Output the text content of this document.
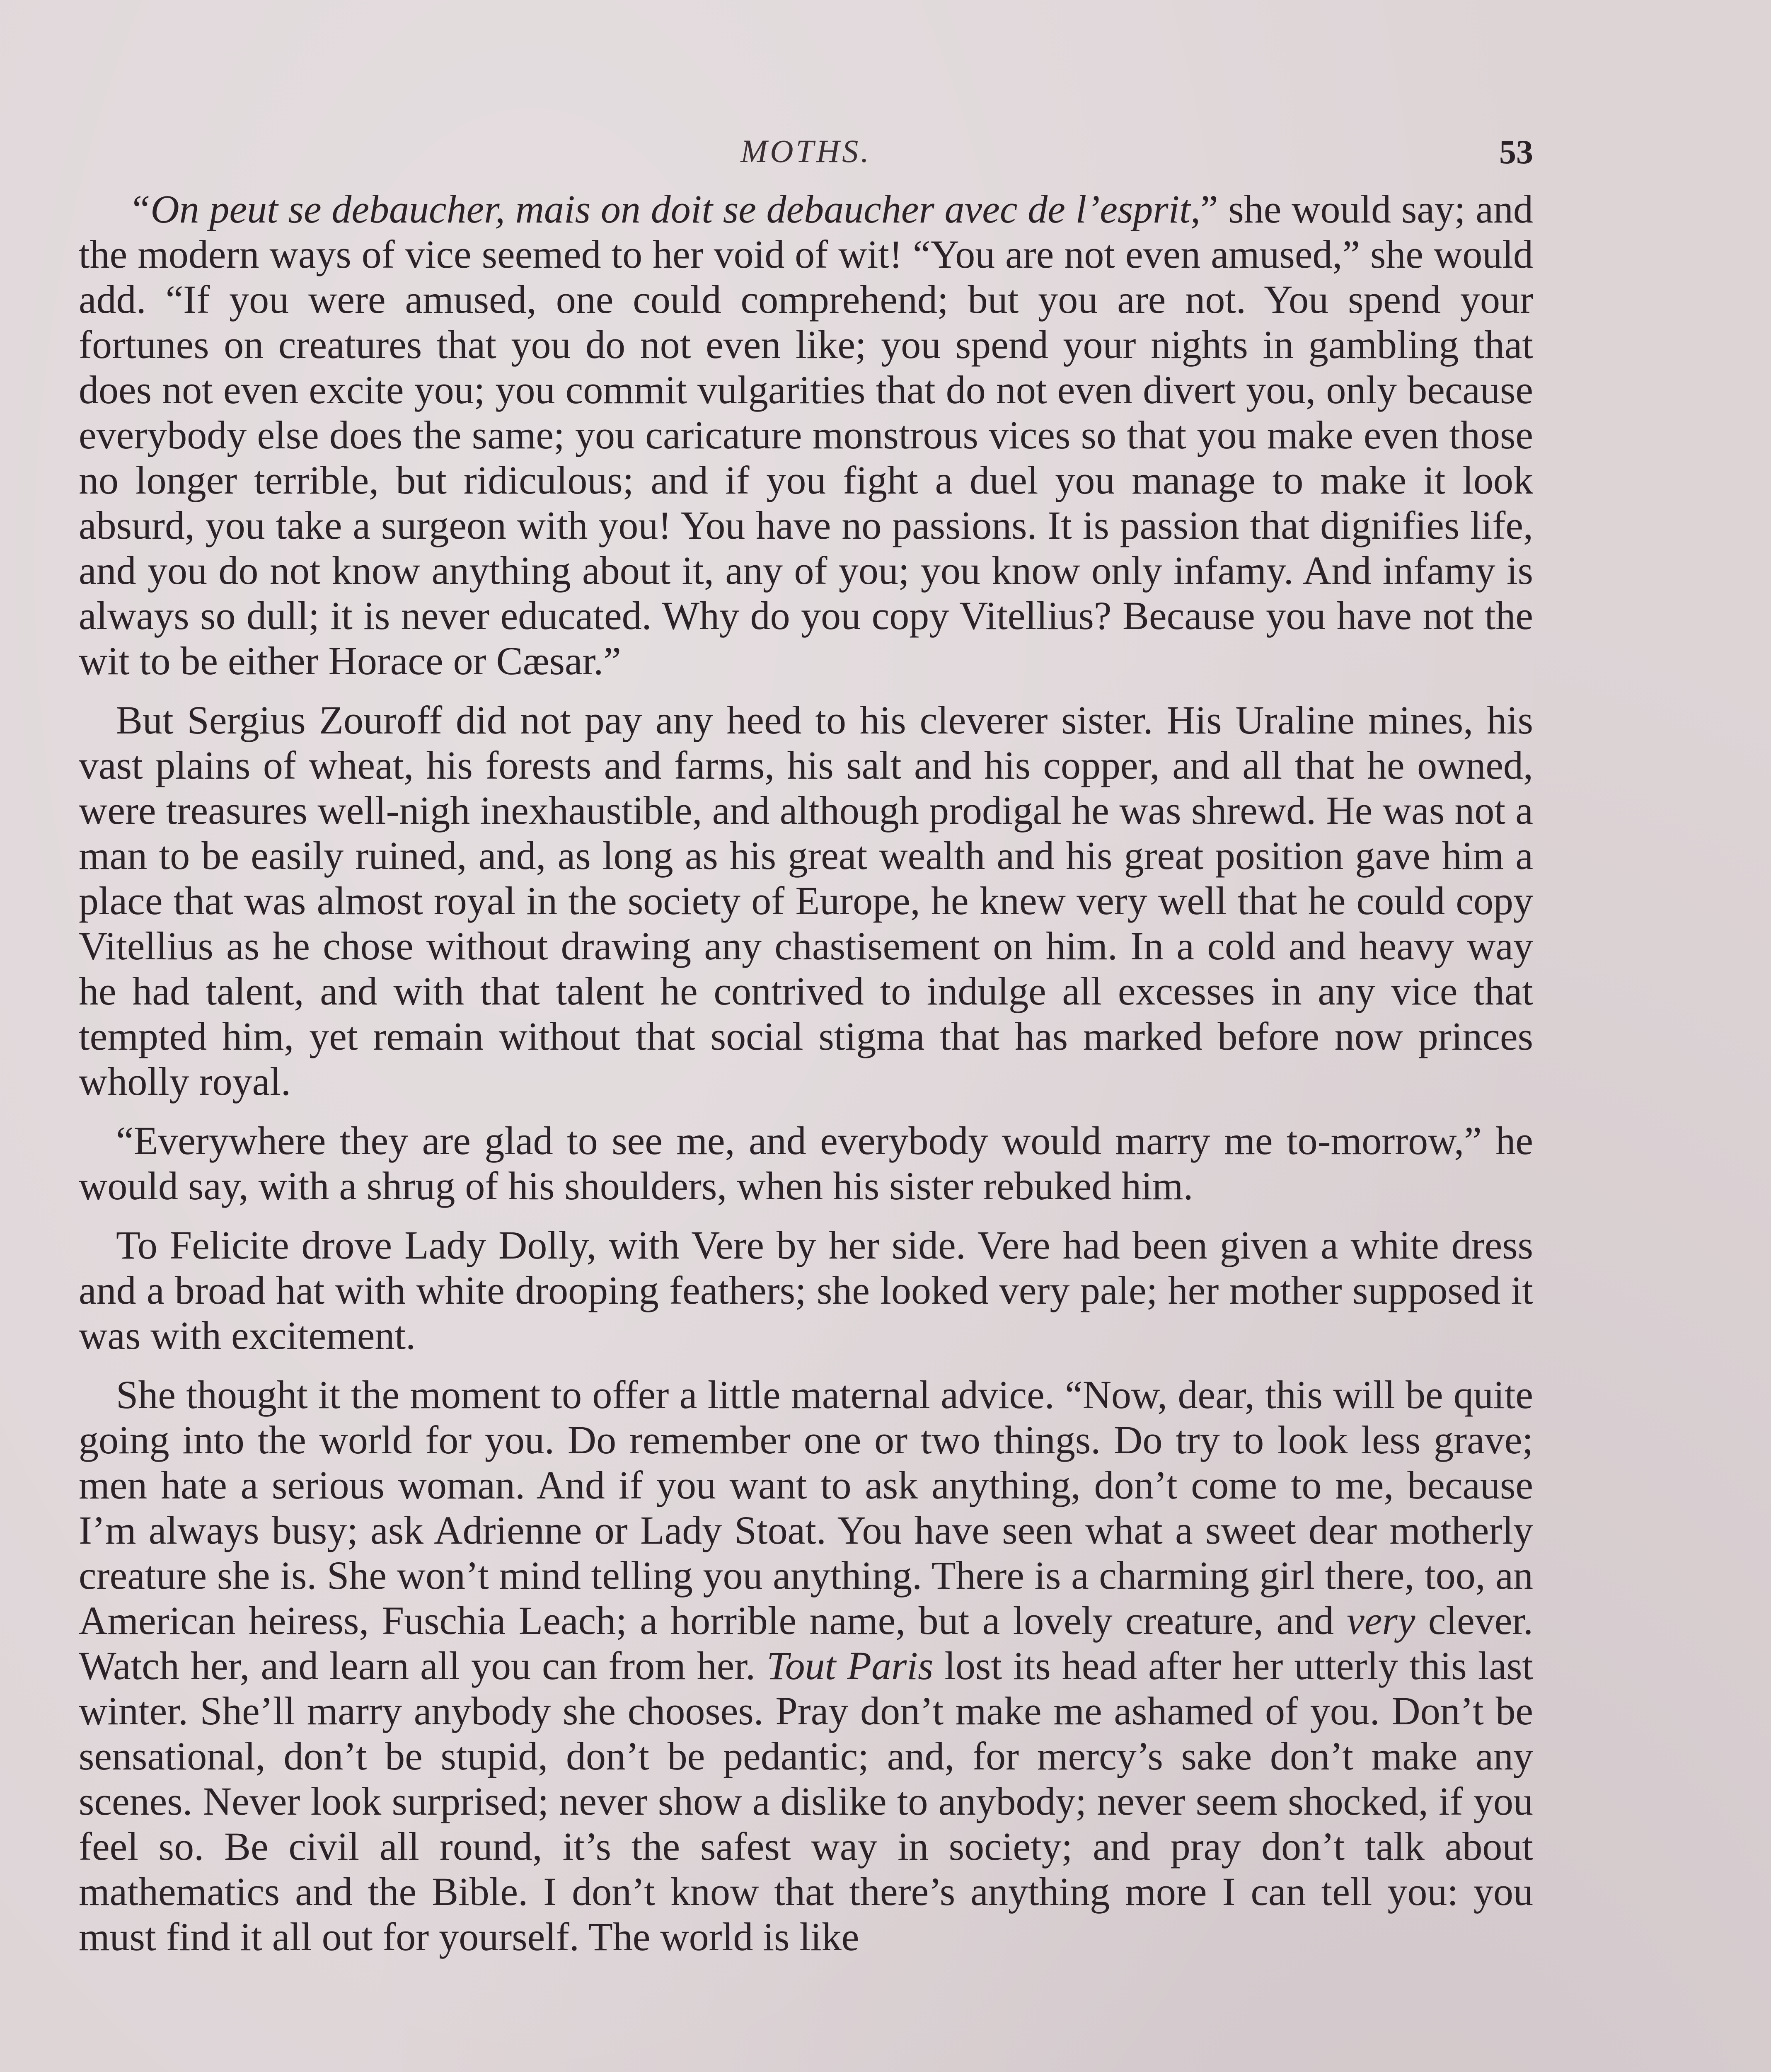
MOTHS.	53

“On peut se debaucher, mais on doit se debaucher avec de l’esprit,” she would say; and the modern ways of vice seemed to her void of wit! “You are not even amused,” she would add. “If you were amused, one could comprehend; but you are not. You spend your fortunes on creatures that you do not even like; you spend your nights in gambling that does not even excite you; you commit vulgarities that do not even divert you, only because everybody else does the same; you caricature monstrous vices so that you make even those no longer terrible, but ridiculous; and if you fight a duel you manage to make it look absurd, you take a surgeon with you! You have no passions. It is passion that dignifies life, and you do not know anything about it, any of you; you know only infamy. And infamy is always so dull; it is never educated. Why do you copy Vitellius? Because you have not the wit to be either Horace or Cæsar.”

But Sergius Zouroff did not pay any heed to his cleverer sister. His Uraline mines, his vast plains of wheat, his forests and farms, his salt and his copper, and all that he owned, were treasures well-nigh inexhaustible, and although prodigal he was shrewd. He was not a man to be easily ruined, and, as long as his great wealth and his great position gave him a place that was almost royal in the society of Europe, he knew very well that he could copy Vitellius as he chose without drawing any chastisement on him. In a cold and heavy way he had talent, and with that talent he contrived to indulge all excesses in any vice that tempted him, yet remain without that social stigma that has marked before now princes wholly royal.

“Everywhere they are glad to see me, and everybody would marry me to-morrow,” he would say, with a shrug of his shoulders, when his sister rebuked him.

To Felicite drove Lady Dolly, with Vere by her side. Vere had been given a white dress and a broad hat with white drooping feathers; she looked very pale; her mother supposed it was with excitement.

She thought it the moment to offer a little maternal advice. “Now, dear, this will be quite going into the world for you. Do remember one or two things. Do try to look less grave; men hate a serious woman. And if you want to ask anything, don’t come to me, because I’m always busy; ask Adrienne or Lady Stoat. You have seen what a sweet dear motherly creature she is. She won’t mind telling you anything. There is a charming girl there, too, an American heiress, Fuschia Leach; a horrible name, but a lovely creature, and very clever. Watch her, and learn all you can from her. Tout Paris lost its head after her utterly this last winter. She’ll marry anybody she chooses. Pray don’t make me ashamed of you. Don’t be sensational, don’t be stupid, don’t be pedantic; and, for mercy’s sake don’t make any scenes. Never look surprised; never show a dislike to anybody; never seem shocked, if you feel so. Be civil all round, it’s the safest way in society; and pray don’t talk about mathematics and the Bible. I don’t know that there’s anything more I can tell you: you must find it all out for yourself. The world is like
